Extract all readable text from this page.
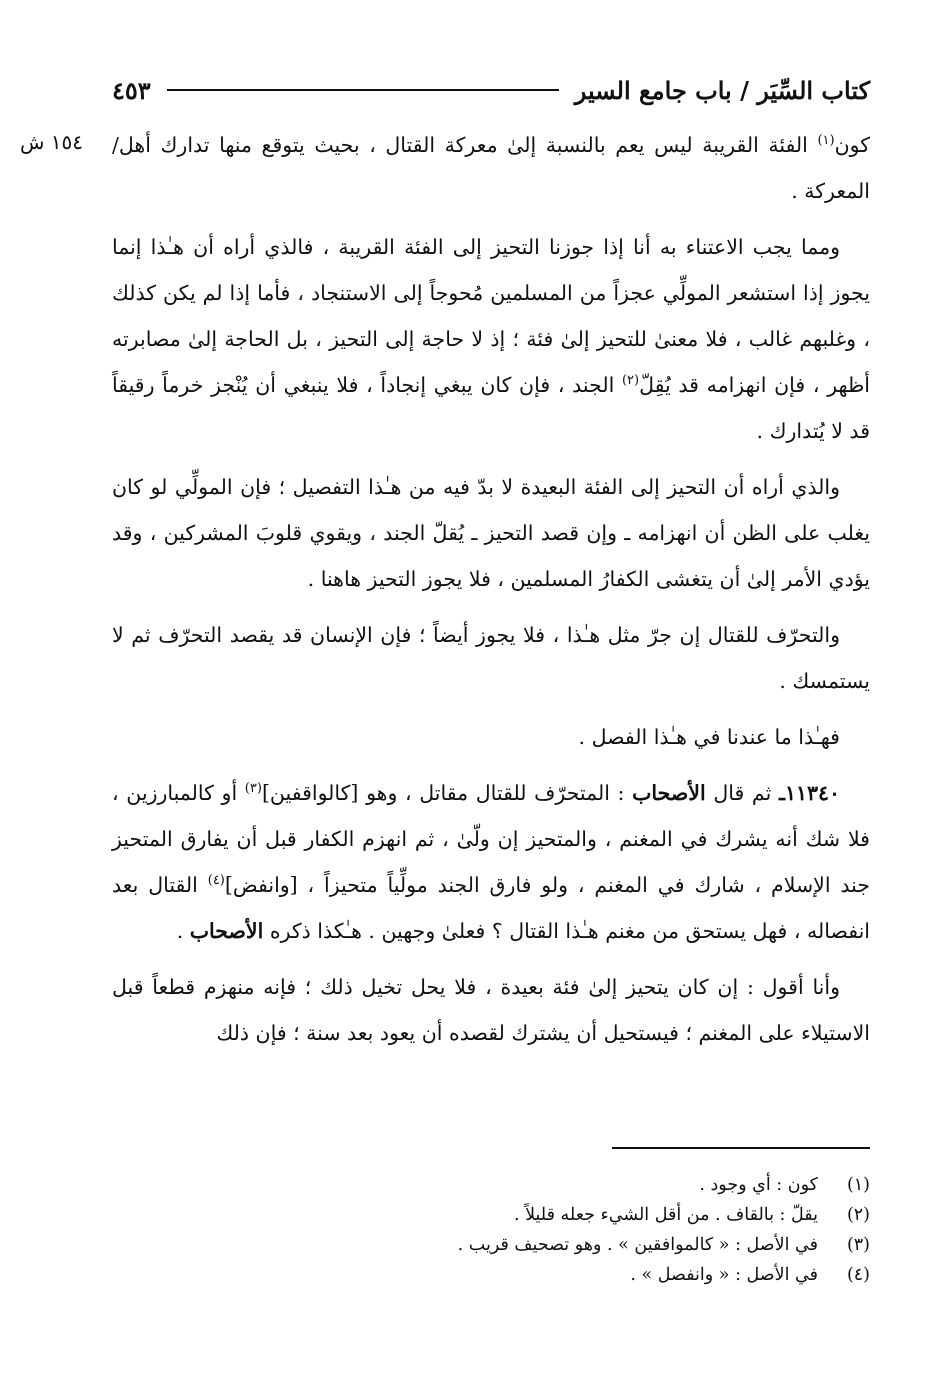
كتاب السِّيَر / باب جامع السير
٤٥٣
١٥٤ ش	كون$^{(١)}$ الفئة القريبة ليس يعم بالنسبة إلىٰ معركة القتال ، بحيث يتوقع منها تدارك أهل/ المعركة .

ومما يجب الاعتناء به أنا إذا جوزنا التحيز إلى الفئة القريبة ، فالذي أراه أن هـٰذا إنما يجوز إذا استشعر المولِّي عجزاً من المسلمين مُحوجاً إلى الاستنجاد ، فأما إذا لم يكن كذلك ، وغلبهم غالب ، فلا معنىٰ للتحيز إلىٰ فئة ؛ إذ لا حاجة إلى التحيز ، بل الحاجة إلىٰ مصابرته أظهر ، فإن انهزامه قد يُقِلّ$^{(٢)}$ الجند ، فإن كان يبغي إنجاداً ، فلا ينبغي أن يُنْجز خرماً رقيقاً قد لا يُتدارك .

والذي أراه أن التحيز إلى الفئة البعيدة لا بدّ فيه من هـٰذا التفصيل ؛ فإن المولِّي لو كان يغلب على الظن أن انهزامه ـ وإن قصد التحيز ـ يُقلّ الجند ، ويقوي قلوبَ المشركين ، وقد يؤدي الأمر إلىٰ أن يتغشى الكفارُ المسلمين ، فلا يجوز التحيز هاهنا .

والتحرّف للقتال إن جرّ مثل هـٰذا ، فلا يجوز أيضاً ؛ فإن الإنسان قد يقصد التحرّف ثم لا يستمسك .

فهـٰذا ما عندنا في هـٰذا الفصل .

١١٣٤٠ـ ثم قال الأصحاب : المتحرّف للقتال مقاتل ، وهو [كالواقفين]$^{(٣)}$ أو كالمبارزين ، فلا شك أنه يشرك في المغنم ، والمتحيز إن ولّىٰ ، ثم انهزم الكفار قبل أن يفارق المتحيز جند الإسلام ، شارك في المغنم ، ولو فارق الجند مولِّياً متحيزاً ، [وانفض]$^{(٤)}$ القتال بعد انفصاله ، فهل يستحق من مغنم هـٰذا القتال ؟ فعلىٰ وجهين . هـٰكذا ذكره الأصحاب .

وأنا أقول : إن كان يتحيز إلىٰ فئة بعيدة ، فلا يحل تخيل ذلك ؛ فإنه منهزم قطعاً قبل الاستيلاء على المغنم ؛ فيستحيل أن يشترك لقصده أن يعود بعد سنة ؛ فإن ذلك

(١)
كون : أي وجود .
(٢)
يقلّ : بالقاف . من أقل الشيء جعله قليلاً .
(٣)
في الأصل : « كالموافقين » . وهو تصحيف قريب .
(٤)
في الأصل : « وانفصل » .
